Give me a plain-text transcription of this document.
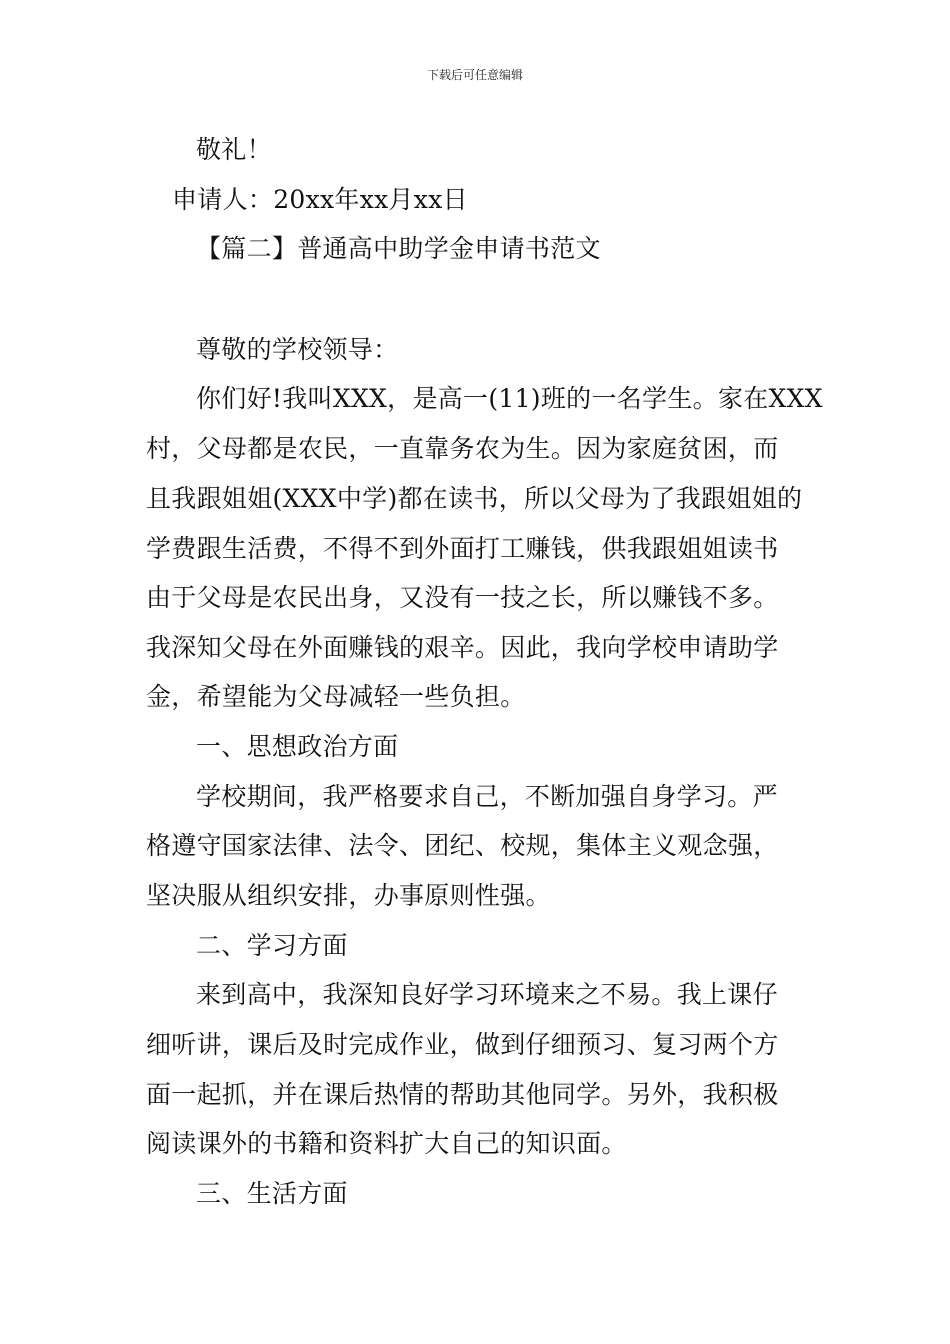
下载后可任意编辑
敬礼！
申请人：20xx年xx月xx日
【篇二】普通高中助学金申请书范文
尊敬的学校领导：
你们好!我叫XXX，是高一(11)班的一名学生。家在XXX
村，父母都是农民，一直靠务农为生。因为家庭贫困，而
且我跟姐姐(XXX中学)都在读书，所以父母为了我跟姐姐的
学费跟生活费，不得不到外面打工赚钱，供我跟姐姐读书
由于父母是农民出身，又没有一技之长，所以赚钱不多。
我深知父母在外面赚钱的艰辛。因此，我向学校申请助学
金，希望能为父母减轻一些负担。
一、思想政治方面
学校期间，我严格要求自己，不断加强自身学习。严
格遵守国家法律、法令、团纪、校规，集体主义观念强，
坚决服从组织安排，办事原则性强。
二、学习方面
来到高中，我深知良好学习环境来之不易。我上课仔
细听讲，课后及时完成作业，做到仔细预习、复习两个方
面一起抓，并在课后热情的帮助其他同学。另外，我积极
阅读课外的书籍和资料扩大自己的知识面。
三、生活方面
